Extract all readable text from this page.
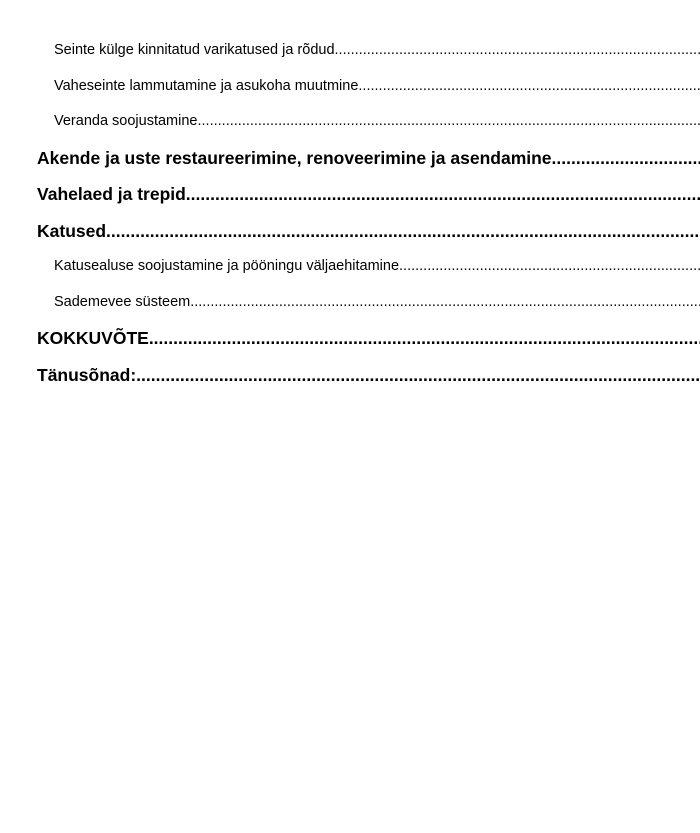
Seinte külge kinnitatud varikatused ja rõdud
.....
Vaheseinte lammutamine ja asukoha muutmine
.....
Veranda soojustamine
.....
Akende ja uste restaureerimine, renoveerimine ja asendamine
.....
Vahelaed ja trepid.
.....
Katused.
.....
Katusealuse soojustamine ja pööningu väljaehitamine
.....
Sademevee süsteem
.....
KOKKUVÕTE
.....
Tänusõnad:
.....
